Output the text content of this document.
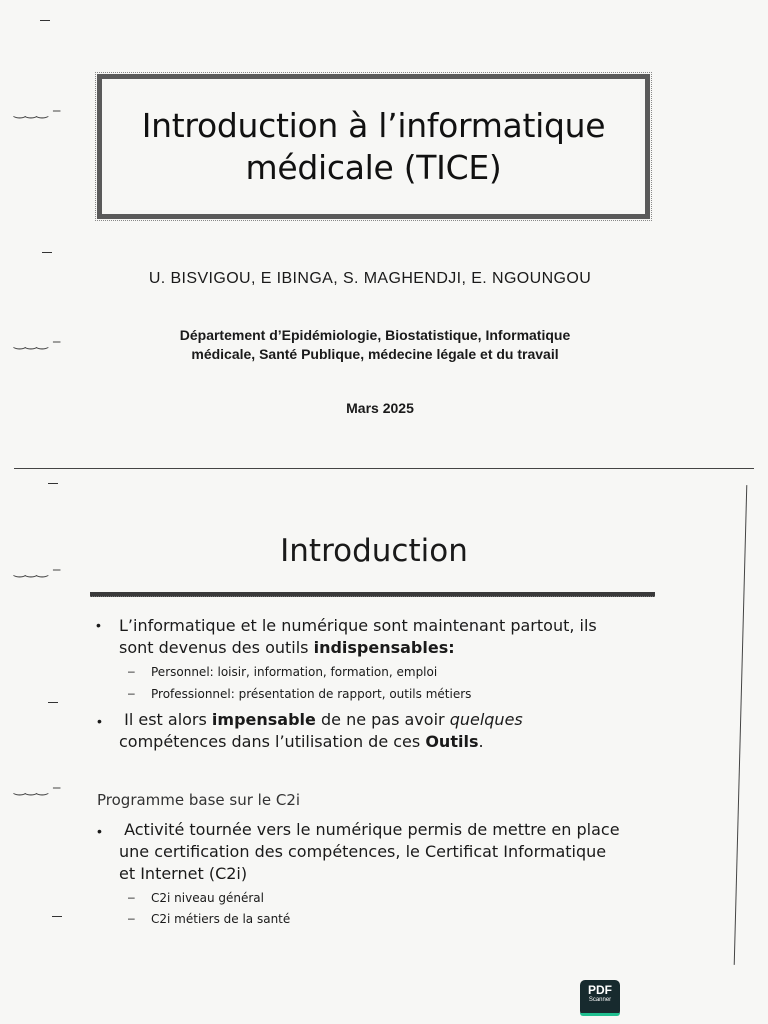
‿‿‿ ‒
‿‿‿ ‒
‿‿‿ ‒
‿‿‿ ‒
Introduction à l’informatique
médicale (TICE)
U. BISVIGOU, E IBINGA, S. MAGHENDJI, E. NGOUNGOU
Département d’Epidémiologie, Biostatistique, Informatique
médicale, Santé Publique, médecine légale et du travail
Mars 2025
Introduction
• L’informatique et le numérique sont maintenant partout, ils
sont devenus des outils indispensables:
– Personnel: loisir, information, formation, emploi
– Professionnel: présentation de rapport, outils métiers
•	Il est alors impensable de ne pas avoir quelques
compétences dans l’utilisation de ces Outils.
Programme base sur le C2i
•	Activité tournée vers le numérique permis de mettre en place
une certification des compétences, le Certificat Informatique
et Internet (C2i)
– C2i niveau général
– C2i métiers de la santé
PDF
Scanner
